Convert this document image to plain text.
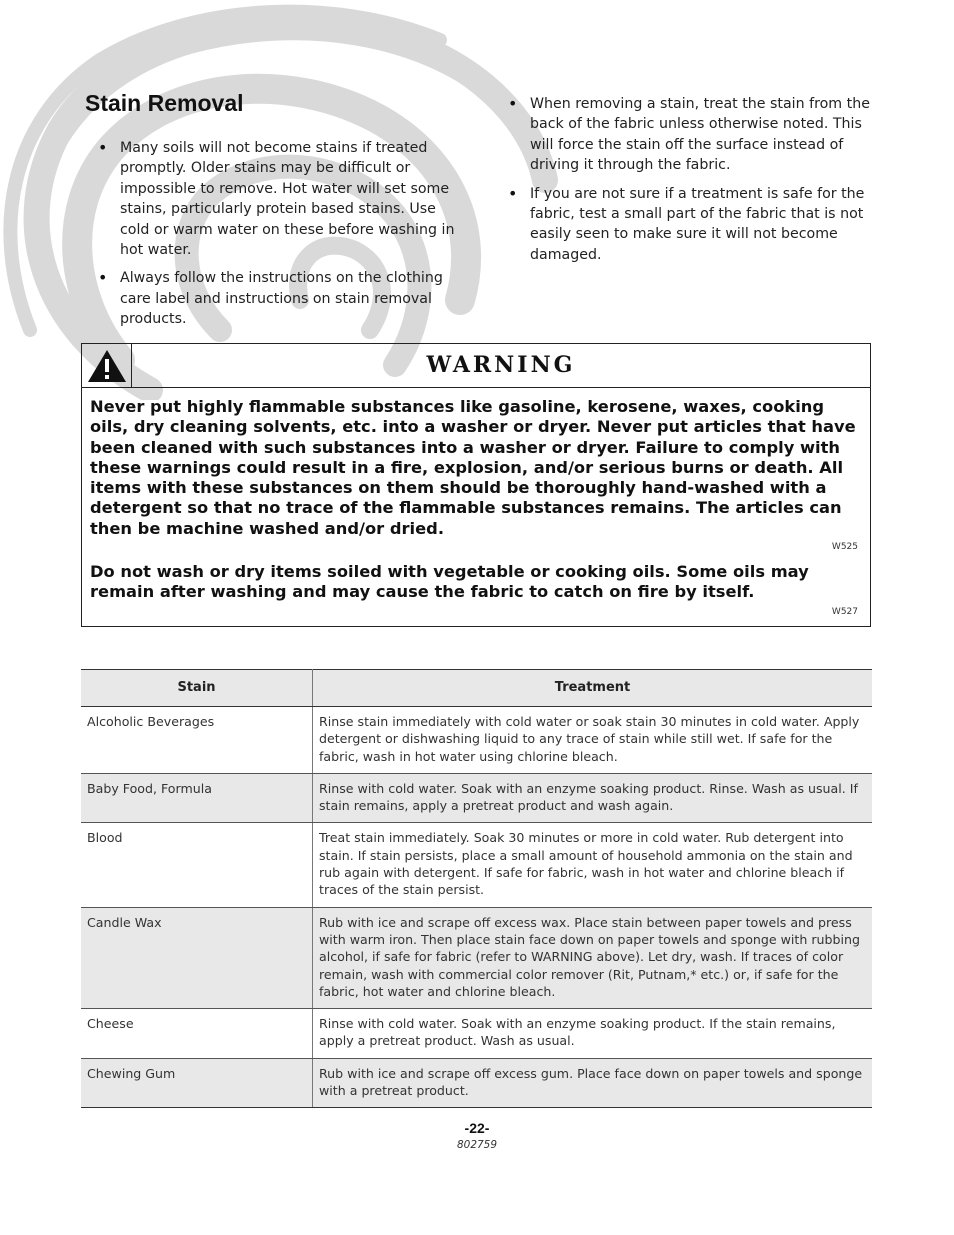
Stain Removal
• Many soils will not become stains if treated promptly. Older stains may be difficult or impossible to remove. Hot water will set some stains, particularly protein based stains. Use cold or warm water on these before washing in hot water.
• Always follow the instructions on the clothing care label and instructions on stain removal products.
• When removing a stain, treat the stain from the back of the fabric unless otherwise noted. This will force the stain off the surface instead of driving it through the fabric.
• If you are not sure if a treatment is safe for the fabric, test a small part of the fabric that is not easily seen to make sure it will not become damaged.
WARNING

Never put highly flammable substances like gasoline, kerosene, waxes, cooking oils, dry cleaning solvents, etc. into a washer or dryer. Never put articles that have been cleaned with such substances into a washer or dryer. Failure to comply with these warnings could result in a fire, explosion, and/or serious burns or death. All items with these substances on them should be thoroughly hand-washed with a detergent so that no trace of the flammable substances remains. The articles can then be machine washed and/or dried.

W525

Do not wash or dry items soiled with vegetable or cooking oils. Some oils may remain after washing and may cause the fabric to catch on fire by itself.

W527
Stain	Treatment
Alcoholic Beverages	Rinse stain immediately with cold water or soak stain 30 minutes in cold water. Apply detergent or dishwashing liquid to any trace of stain while still wet. If safe for the fabric, wash in hot water using chlorine bleach.
Baby Food, Formula	Rinse with cold water. Soak with an enzyme soaking product. Rinse. Wash as usual. If stain remains, apply a pretreat product and wash again.
Blood	Treat stain immediately. Soak 30 minutes or more in cold water. Rub detergent into stain. If stain persists, place a small amount of household ammonia on the stain and rub again with detergent. If safe for fabric, wash in hot water and chlorine bleach if traces of the stain persist.
Candle Wax	Rub with ice and scrape off excess wax. Place stain between paper towels and press with warm iron. Then place stain face down on paper towels and sponge with rubbing alcohol, if safe for fabric (refer to WARNING above). Let dry, wash. If traces of color remain, wash with commercial color remover (Rit, Putnam,* etc.) or, if safe for the fabric, hot water and chlorine bleach.
Cheese	Rinse with cold water. Soak with an enzyme soaking product. If the stain remains, apply a pretreat product. Wash as usual.
Chewing Gum	Rub with ice and scrape off excess gum. Place face down on paper towels and sponge with a pretreat product.
-22-
802759
